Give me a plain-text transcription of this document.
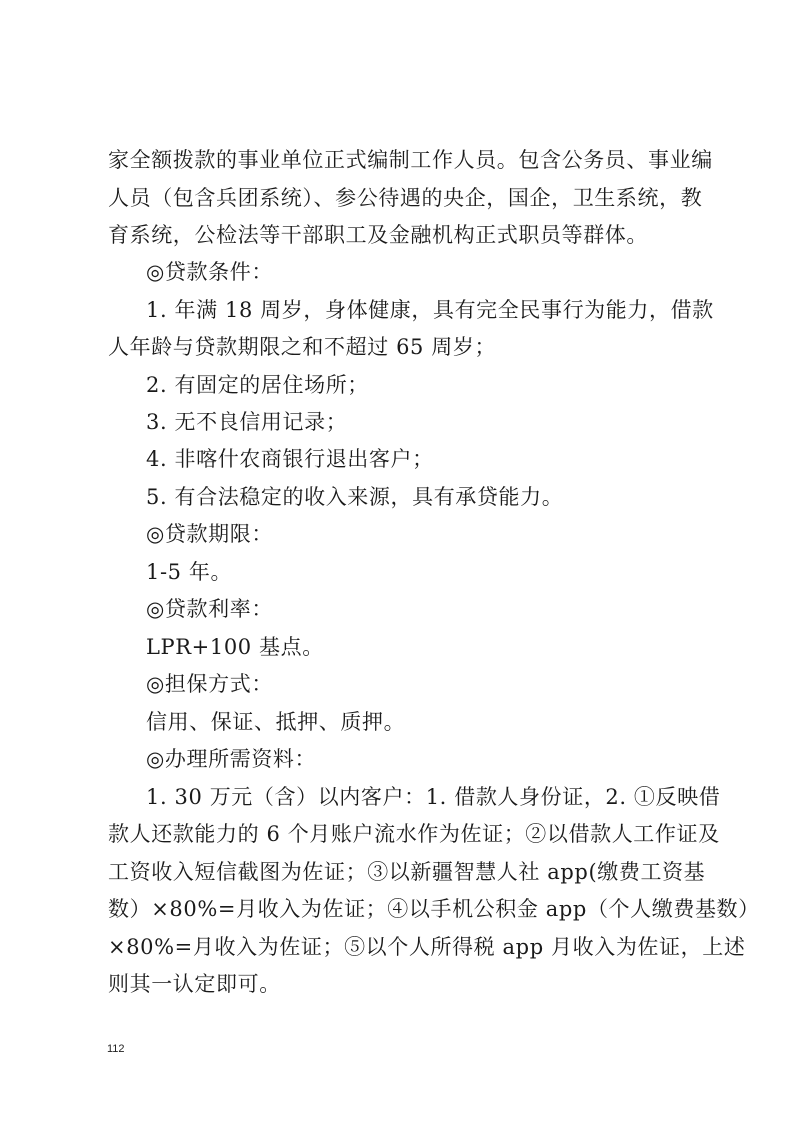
家全额拨款的事业单位正式编制工作人员。包含公务员、事业编
人员（包含兵团系统）、参公待遇的央企，国企，卫生系统，教
育系统，公检法等干部职工及金融机构正式职员等群体。
◎贷款条件：
1. 年满 18 周岁，身体健康，具有完全民事行为能力，借款
人年龄与贷款期限之和不超过 65 周岁；
2. 有固定的居住场所；
3. 无不良信用记录；
4. 非喀什农商银行退出客户；
5. 有合法稳定的收入来源，具有承贷能力。
◎贷款期限：
1-5 年。
◎贷款利率：
LPR+100 基点。
◎担保方式：
信用、保证、抵押、质押。
◎办理所需资料：
1. 30 万元（含）以内客户：1. 借款人身份证，2. ①反映借
款人还款能力的 6 个月账户流水作为佐证；②以借款人工作证及
工资收入短信截图为佐证；③以新疆智慧人社 app(缴费工资基
数）×80%=月收入为佐证；④以手机公积金 app（个人缴费基数）
×80%=月收入为佐证；⑤以个人所得税 app 月收入为佐证，上述
则其一认定即可。
112
